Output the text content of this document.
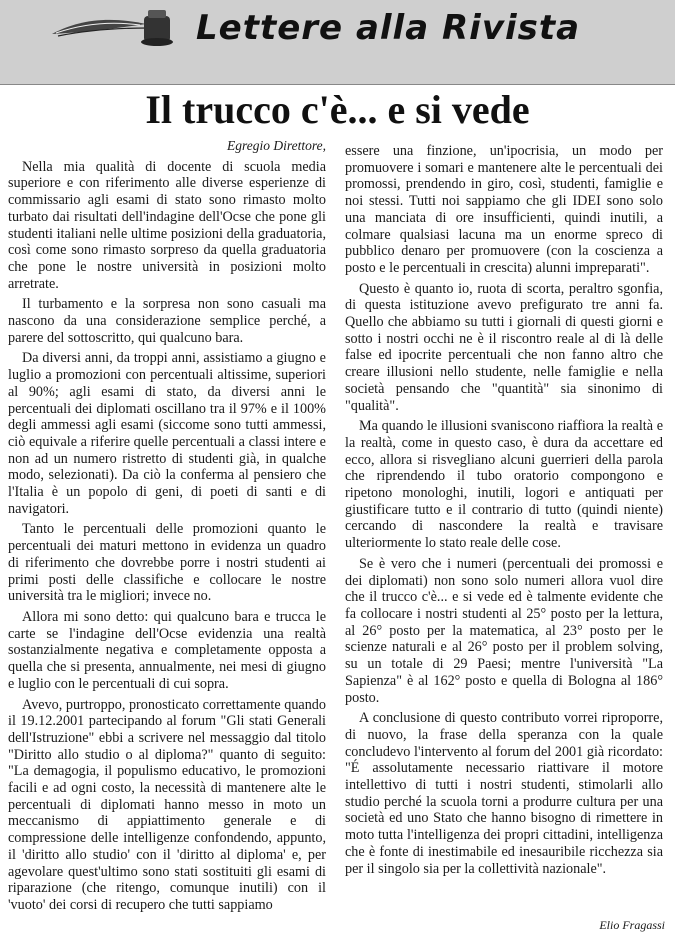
Lettere alla Rivista
Il trucco c'è... e si vede

Egregio Direttore,

Nella mia qualità di docente di scuola media superiore e con riferimento alle diverse esperienze di commissario agli esami di stato sono rimasto molto turbato dai risultati dell'indagine dell'Ocse che pone gli studenti italiani nelle ultime posizioni della graduatoria, così come sono rimasto sorpreso da quella graduatoria che pone le nostre università in posizioni molto arretrate.

Il turbamento e la sorpresa non sono casuali ma nascono da una considerazione semplice perché, a parere del sottoscritto, qui qualcuno bara.

Da diversi anni, da troppi anni, assistiamo a giugno e luglio a promozioni con percentuali altissime, superiori al 90%; agli esami di stato, da diversi anni le percentuali dei diplomati oscillano tra il 97% e il 100% degli ammessi agli esami (siccome sono tutti ammessi, ciò equivale a riferire quelle percentuali a classi intere e non ad un numero ristretto di studenti già, in qualche modo, selezionati). Da ciò la conferma al pensiero che l'Italia è un popolo di geni, di poeti di santi e di navigatori.

Tanto le percentuali delle promozioni quanto le percentuali dei maturi mettono in evidenza un quadro di riferimento che dovrebbe porre i nostri studenti ai primi posti delle classifiche e collocare le nostre università tra le migliori; invece no.

Allora mi sono detto: qui qualcuno bara e trucca le carte se l'indagine dell'Ocse evidenzia una realtà sostanzialmente negativa e completamente opposta a quella che si presenta, annualmente, nei mesi di giugno e luglio con le percentuali di cui sopra.

Avevo, purtroppo, pronosticato correttamente quando il 19.12.2001 partecipando al forum "Gli stati Generali dell'Istruzione" ebbi a scrivere nel messaggio dal titolo "Diritto allo studio o al diploma?" quanto di seguito: "La demagogia, il populismo educativo, le promozioni facili e ad ogni costo, la necessità di mantenere alte le percentuali di diplomati hanno messo in moto un meccanismo di appiattimento generale e di compressione delle intelligenze confondendo, appunto, il 'diritto allo studio' con il 'diritto al diploma' e, per agevolare quest'ultimo sono stati sostituiti gli esami di riparazione (che ritengo, comunque inutili) con il 'vuoto' dei corsi di recupero che tutti sappiamo

essere una finzione, un'ipocrisia, un modo per promuovere i somari e mantenere alte le percentuali dei promossi, prendendo in giro, così, studenti, famiglie e noi stessi. Tutti noi sappiamo che gli IDEI sono solo una manciata di ore insufficienti, quindi inutili, a colmare qualsiasi lacuna ma un enorme spreco di pubblico denaro per promuovere (con la coscienza a posto e le percentuali in crescita) alunni impreparati".

Questo è quanto io, ruota di scorta, peraltro sgonfia, di questa istituzione avevo prefigurato tre anni fa. Quello che abbiamo su tutti i giornali di questi giorni e sotto i nostri occhi ne è il riscontro reale al di là delle false ed ipocrite percentuali che non fanno altro che creare illusioni nello studente, nelle famiglie e nella società pensando che "quantità" sia sinonimo di "qualità".

Ma quando le illusioni svaniscono riaffiora la realtà e la realtà, come in questo caso, è dura da accettare ed ecco, allora si risvegliano alcuni guerrieri della parola che riprendendo il tubo oratorio compongono e ripetono monologhi, inutili, logori e antiquati per giustificare tutto e il contrario di tutto (quindi niente) cercando di nascondere la realtà e travisare ulteriormente lo stato reale delle cose.

Se è vero che i numeri (percentuali dei promossi e dei diplomati) non sono solo numeri allora vuol dire che il trucco c'è... e si vede ed è talmente evidente che fa collocare i nostri studenti al 25° posto per la lettura, al 26° posto per la matematica, al 23° posto per le scienze naturali e al 26° posto per il problem solving, su un totale di 29 Paesi; mentre l'università "La Sapienza" è al 162° posto e quella di Bologna al 186° posto.

A conclusione di questo contributo vorrei riproporre, di nuovo, la frase della speranza con la quale concludevo l'intervento al forum del 2001 già ricordato: "É assolutamente necessario riattivare il motore intellettivo di tutti i nostri studenti, stimolarli allo studio perché la scuola torni a produrre cultura per una società ed uno Stato che hanno bisogno di rimettere in moto tutta l'intelligenza dei propri cittadini, intelligenza che è fonte di inestimabile ed inesauribile ricchezza sia per il singolo sia per la collettività nazionale".

Elio Fragassi
